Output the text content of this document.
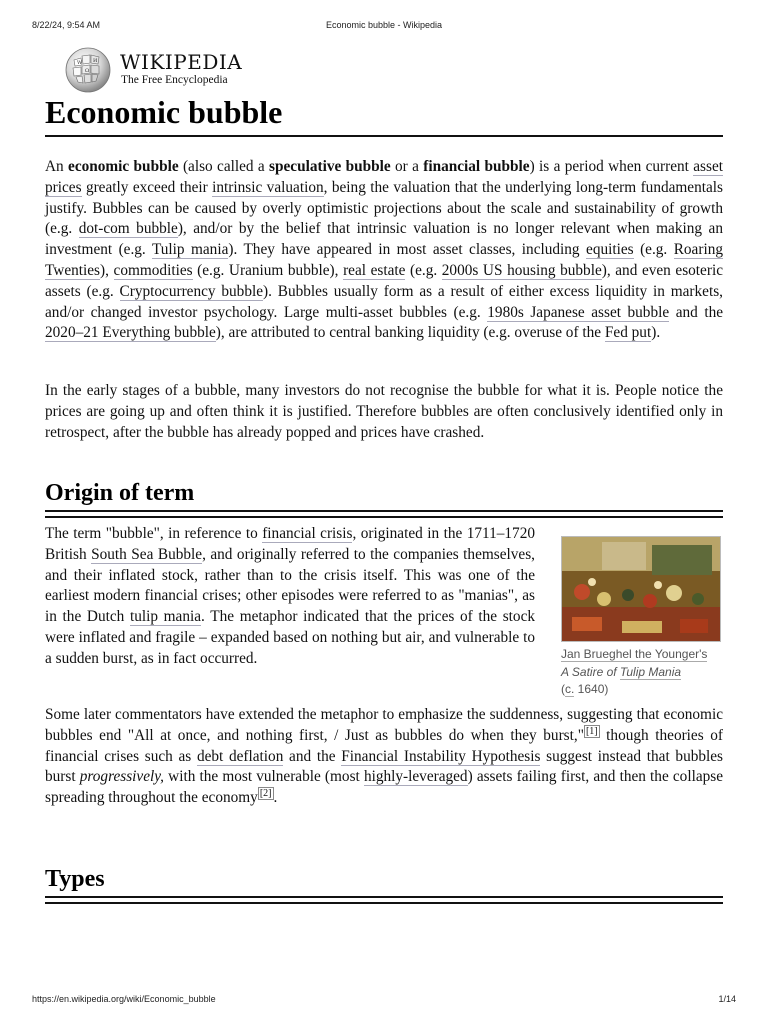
8/22/24, 9:54 AM	Economic bubble - Wikipedia
W
Ω
И WIKIPEDIA
The Free Encyclopedia
Economic bubble

An economic bubble (also called a speculative bubble or a financial bubble) is a period when current asset prices greatly exceed their intrinsic valuation, being the valuation that the underlying long-term fundamentals justify. Bubbles can be caused by overly optimistic projections about the scale and sustainability of growth (e.g. dot-com bubble), and/or by the belief that intrinsic valuation is no longer relevant when making an investment (e.g. Tulip mania). They have appeared in most asset classes, including equities (e.g. Roaring Twenties), commodities (e.g. Uranium bubble), real estate (e.g. 2000s US housing bubble), and even esoteric assets (e.g. Cryptocurrency bubble). Bubbles usually form as a result of either excess liquidity in markets, and/or changed investor psychology. Large multi-asset bubbles (e.g. 1980s Japanese asset bubble and the 2020–21 Everything bubble), are attributed to central banking liquidity (e.g. overuse of the Fed put).

In the early stages of a bubble, many investors do not recognise the bubble for what it is. People notice the prices are going up and often think it is justified. Therefore bubbles are often conclusively identified only in retrospect, after the bubble has already popped and prices have crashed.

Origin of term

The term "bubble", in reference to financial crisis, originated in the 1711–1720 British South Sea Bubble, and originally referred to the companies themselves, and their inflated stock, rather than to the crisis itself. This was one of the earliest modern financial crises; other episodes were referred to as "manias", as in the Dutch tulip mania. The metaphor indicated that the prices of the stock were inflated and fragile – expanded based on nothing but air, and vulnerable to a sudden burst, as in fact occurred.	Jan Brueghel the Younger's
A Satire of Tulip Mania
(c. 1640)

Some later commentators have extended the metaphor to emphasize the suddenness, suggesting that economic bubbles end "All at once, and nothing first, / Just as bubbles do when they burst," [1] though theories of financial crises such as debt deflation and the Financial Instability Hypothesis suggest instead that bubbles burst progressively, with the most vulnerable (most highly-leveraged) assets failing first, and then the collapse spreading throughout the economy [2] .

Types
https://en.wikipedia.org/wiki/Economic_bubble	1/14
